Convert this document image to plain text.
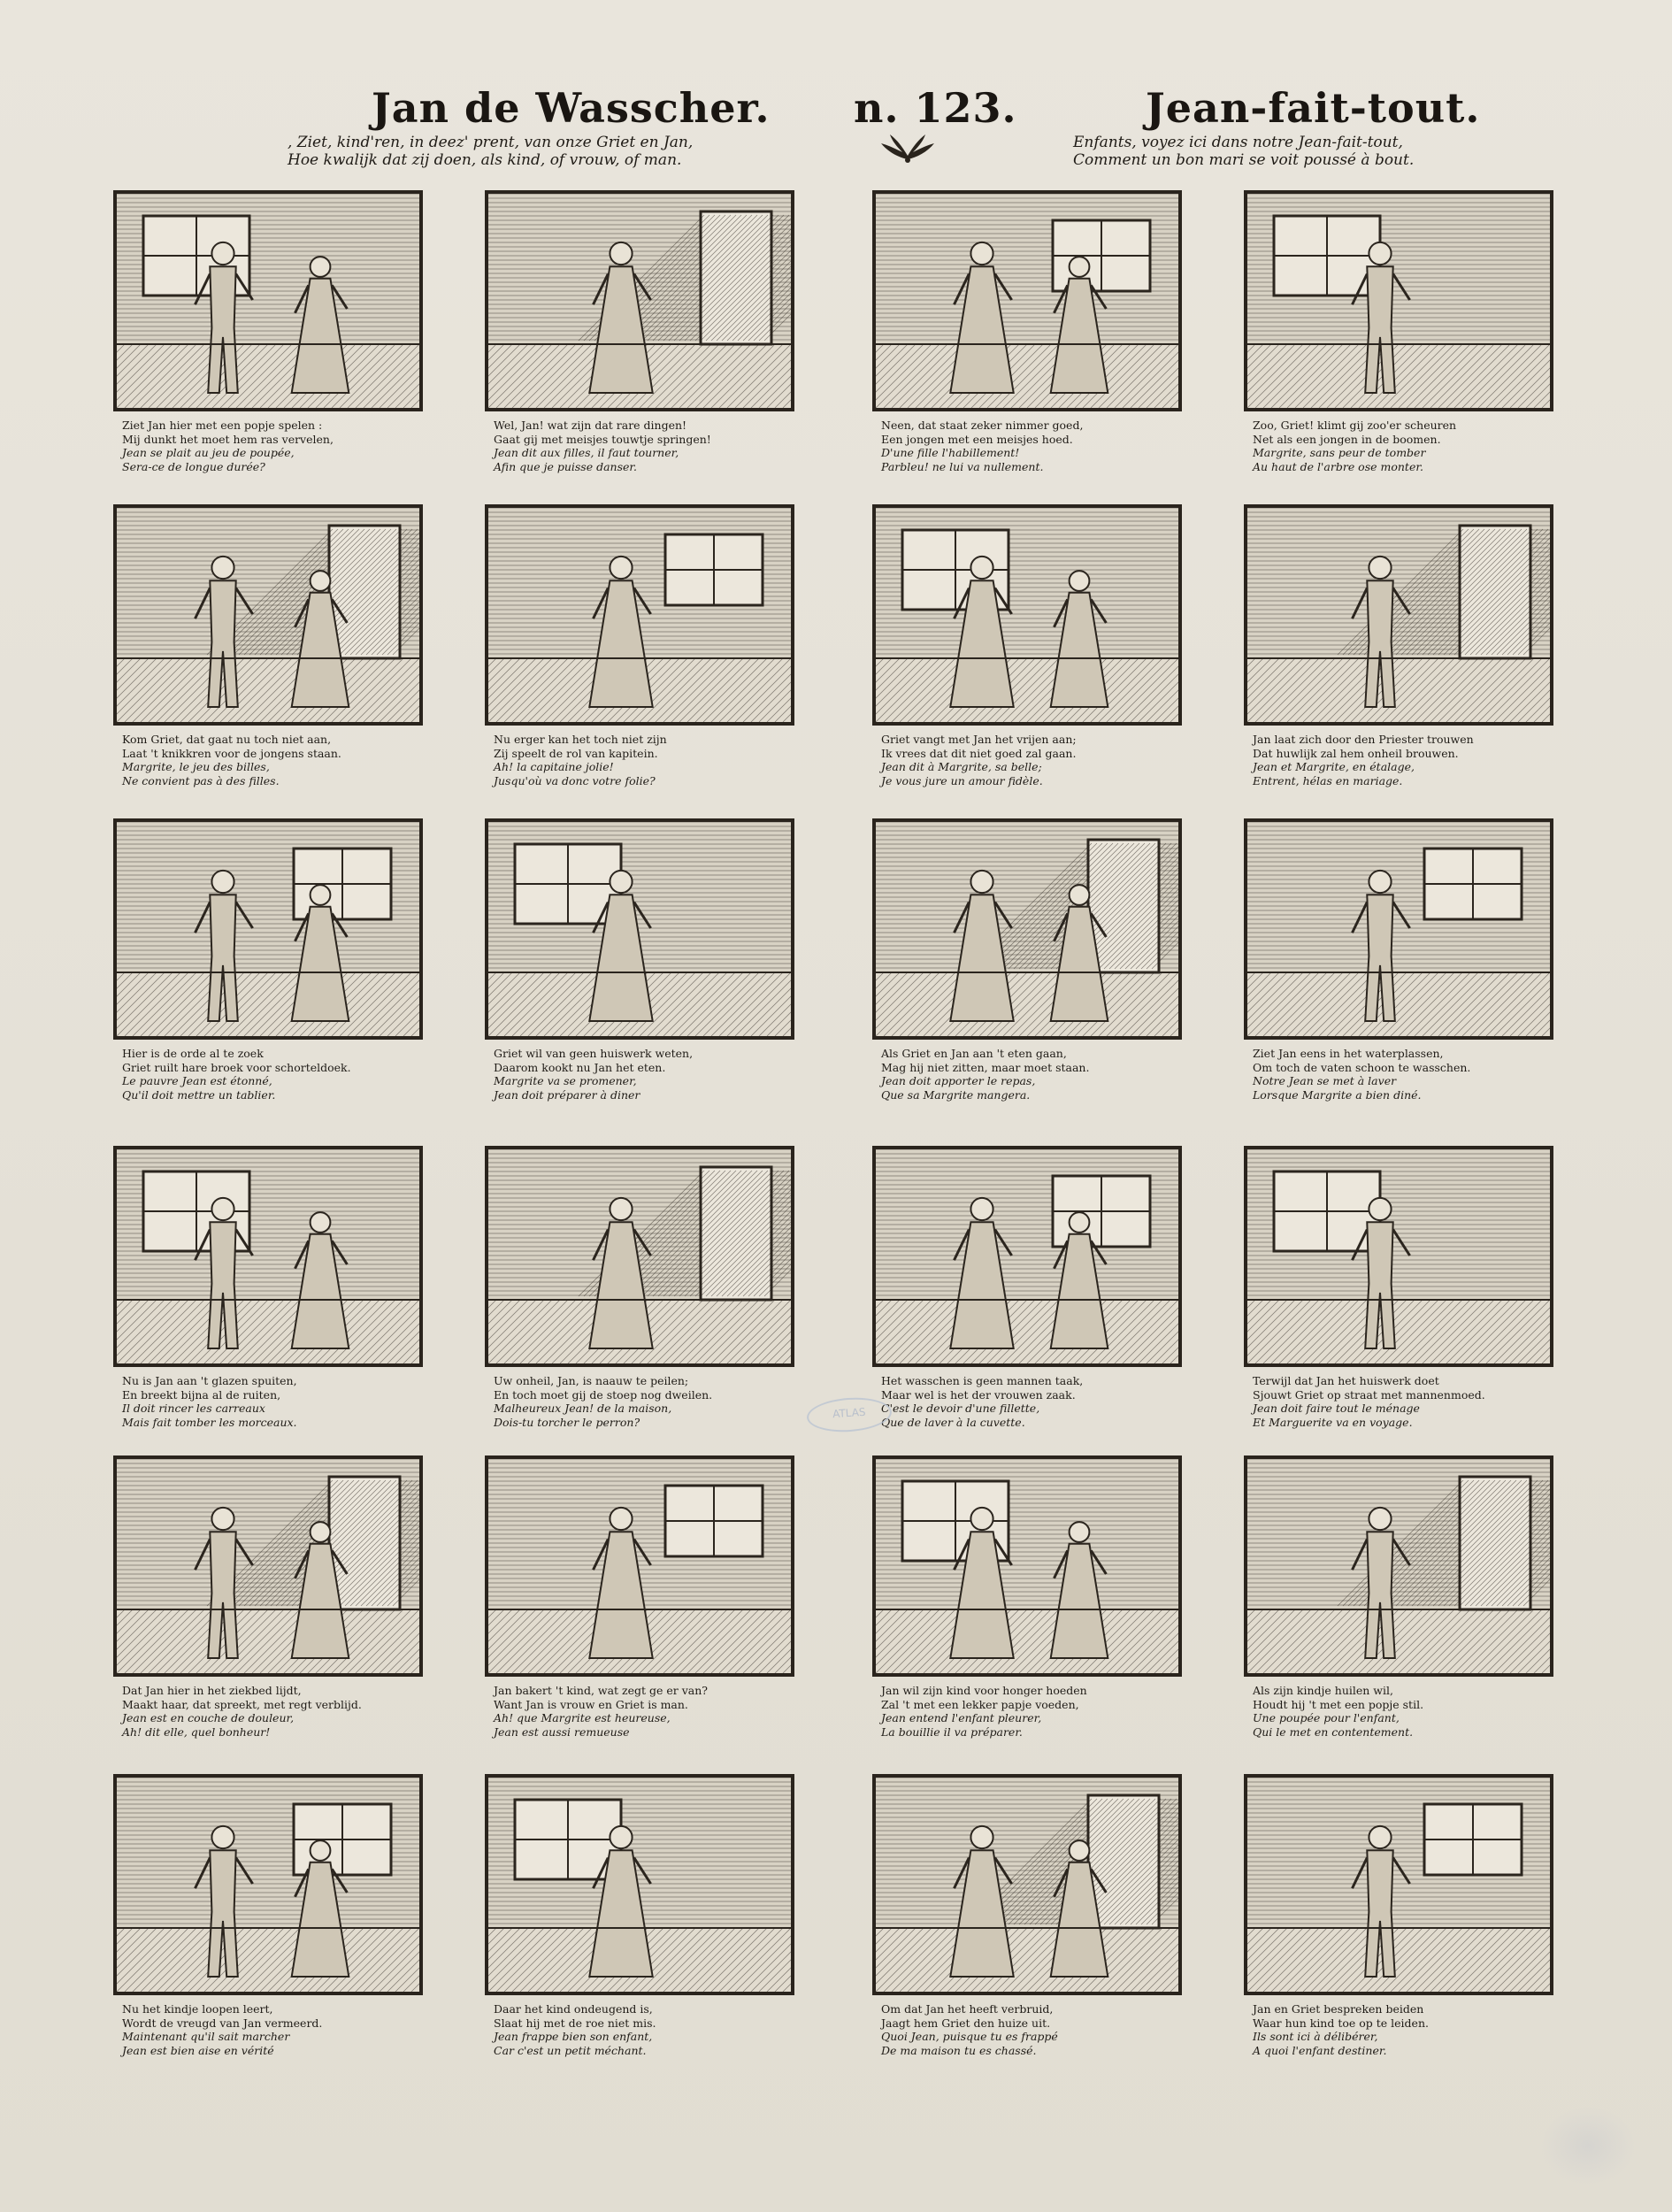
Jan de Wasscher. n. 123.	Jean-fait-tout.
, Ziet, kind'ren, in deez' prent, van onze Griet en Jan,
Hoe kwalijk dat zij doen, als kind, of vrouw, of man.
Enfants, voyez ici dans notre Jean-fait-tout,
Comment un bon mari se voit poussé à bout.
Ziet Jan hier met een popje spelen :
Mij dunkt het moet hem ras vervelen,
Jean se plait au jeu de poupée,
Sera-ce de longue durée?
Wel, Jan! wat zijn dat rare dingen!
Gaat gij met meisjes touwtje springen!
Jean dit aux filles, il faut tourner,
Afin que je puisse danser.
Neen, dat staat zeker nimmer goed,
Een jongen met een meisjes hoed.
D'une fille l'habillement!
Parbleu! ne lui va nullement.
Zoo, Griet! klimt gij zoo'er scheuren
Net als een jongen in de boomen.
Margrite, sans peur de tomber
Au haut de l'arbre ose monter.
Kom Griet, dat gaat nu toch niet aan,
Laat 't knikkren voor de jongens staan.
Margrite, le jeu des billes,
Ne convient pas à des filles.
Nu erger kan het toch niet zijn
Zij speelt de rol van kapitein.
Ah! la capitaine jolie!
Jusqu'où va donc votre folie?
Griet vangt met Jan het vrijen aan;
Ik vrees dat dit niet goed zal gaan.
Jean dit à Margrite, sa belle;
Je vous jure un amour fidèle.
Jan laat zich door den Priester trouwen
Dat huwlijk zal hem onheil brouwen.
Jean et Margrite, en étalage,
Entrent, hélas en mariage.
Hier is de orde al te zoek
Griet ruilt hare broek voor schorteldoek.
Le pauvre Jean est étonné,
Qu'il doit mettre un tablier.
Griet wil van geen huiswerk weten,
Daarom kookt nu Jan het eten.
Margrite va se promener,
Jean doit préparer à diner
Als Griet en Jan aan 't eten gaan,
Mag hij niet zitten, maar moet staan.
Jean doit apporter le repas,
Que sa Margrite mangera.
Ziet Jan eens in het waterplassen,
Om toch de vaten schoon te wasschen.
Notre Jean se met à laver
Lorsque Margrite a bien diné.
Nu is Jan aan 't glazen spuiten,
En breekt bijna al de ruiten,
Il doit rincer les carreaux
Mais fait tomber les morceaux.
Uw onheil, Jan, is naauw te peilen;
En toch moet gij de stoep nog dweilen.
Malheureux Jean! de la maison,
Dois-tu torcher le perron?
Het wasschen is geen mannen taak,
Maar wel is het der vrouwen zaak.
C'est le devoir d'une fillette,
Que de laver à la cuvette.
Terwijl dat Jan het huiswerk doet
Sjouwt Griet op straat met mannenmoed.
Jean doit faire tout le ménage
Et Marguerite va en voyage.
Dat Jan hier in het ziekbed lijdt,
Maakt haar, dat spreekt, met regt verblijd.
Jean est en couche de douleur,
Ah! dit elle, quel bonheur!
Jan bakert 't kind, wat zegt ge er van?
Want Jan is vrouw en Griet is man.
Ah! que Margrite est heureuse,
Jean est aussi remueuse
Jan wil zijn kind voor honger hoeden
Zal 't met een lekker papje voeden,
Jean entend l'enfant pleurer,
La bouillie il va préparer.
Als zijn kindje huilen wil,
Houdt hij 't met een popje stil.
Une poupée pour l'enfant,
Qui le met en contentement.
Nu het kindje loopen leert,
Wordt de vreugd van Jan vermeerd.
Maintenant qu'il sait marcher
Jean est bien aise en vérité
Daar het kind ondeugend is,
Slaat hij met de roe niet mis.
Jean frappe bien son enfant,
Car c'est un petit méchant.
Om dat Jan het heeft verbruid,
Jaagt hem Griet den huize uit.
Quoi Jean, puisque tu es frappé
De ma maison tu es chassé.
Jan en Griet bespreken beiden
Waar hun kind toe op te leiden.
Ils sont ici à délibérer,
A quoi l'enfant destiner.
ATLAS
